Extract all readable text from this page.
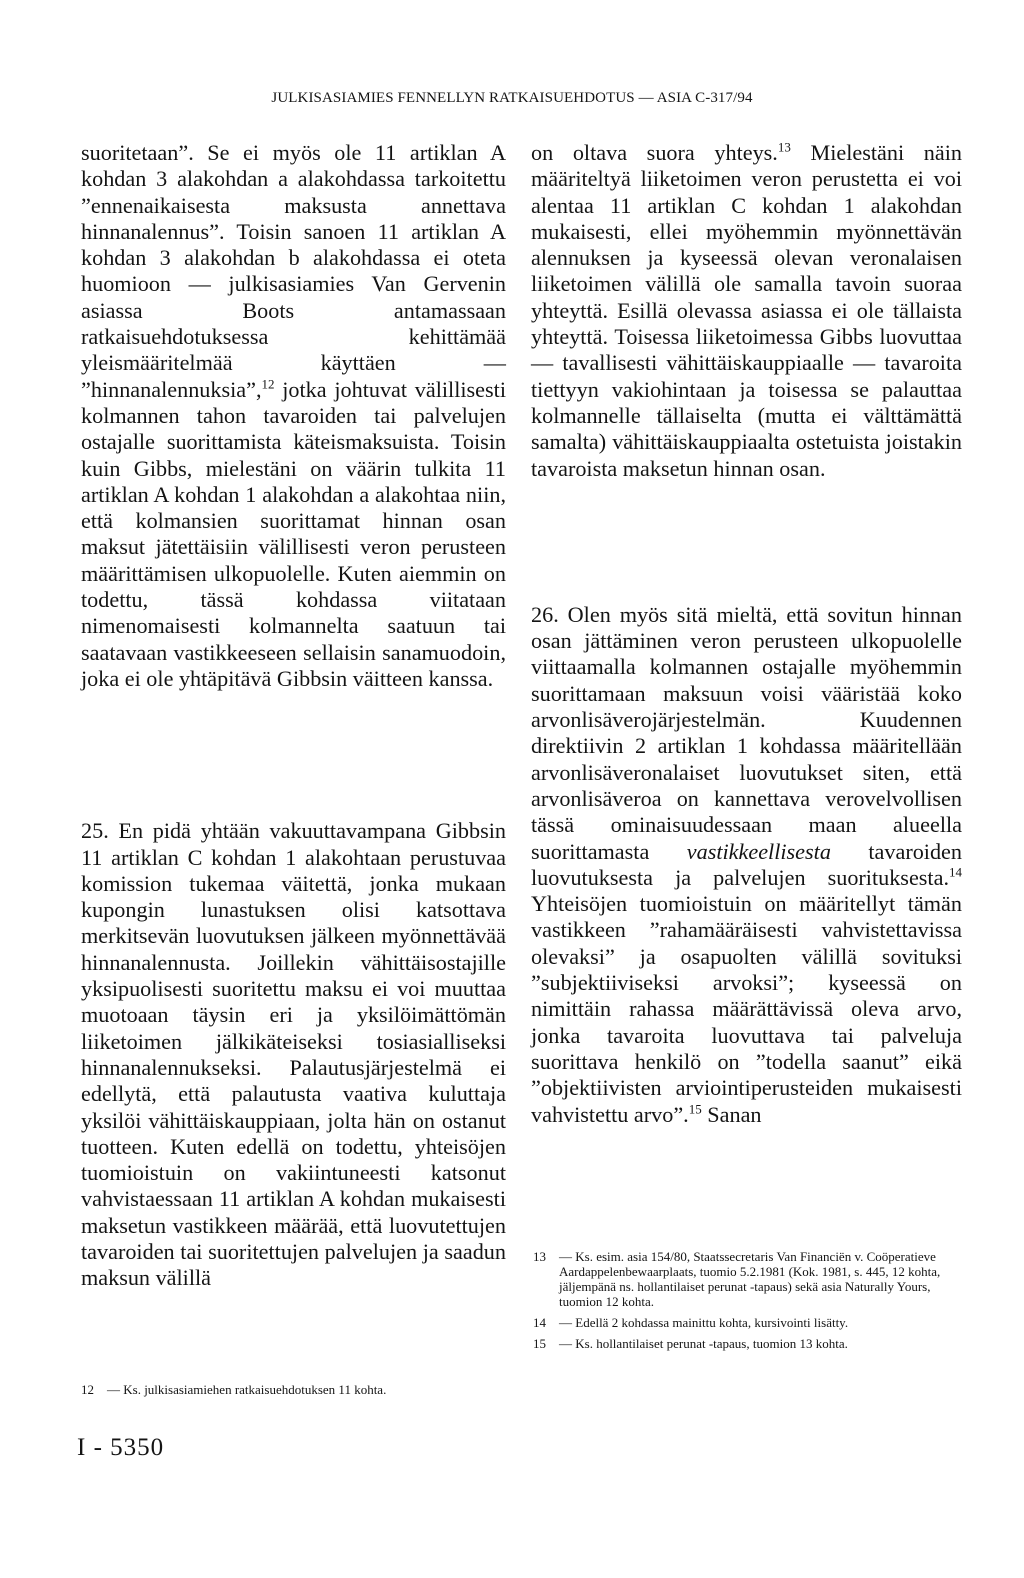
JULKISASIAMIES FENNELLYN RATKAISUEHDOTUS — ASIA C-317/94

suoritetaan”. Se ei myös ole 11 artiklan A kohdan 3 alakohdan a alakohdassa tarkoitettu ”ennenaikaisesta maksusta annettava hinnanalennus”. Toisin sanoen 11 artiklan A kohdan 3 alakohdan b alakohdassa ei oteta huomioon — julkisasiamies Van Gervenin asiassa Boots antamassaan ratkaisuehdotuksessa kehittämää yleismääritelmää käyttäen — ”hinnanalennuksia”,$^{12}$ jotka johtuvat välillisesti kolmannen tahon tavaroiden tai palvelujen ostajalle suorittamista käteismaksuista. Toisin kuin Gibbs, mielestäni on väärin tulkita 11 artiklan A kohdan 1 alakohdan a alakohtaa niin, että kolmansien suorittamat hinnan osan maksut jätettäisiin välillisesti veron perusteen määrittämisen ulkopuolelle. Kuten aiemmin on todettu, tässä kohdassa viitataan nimenomaisesti kolmannelta saatuun tai saatavaan vastikkeeseen sellaisin sanamuodoin, joka ei ole yhtäpitävä Gibbsin väitteen kanssa.

25. En pidä yhtään vakuuttavampana Gibbsin 11 artiklan C kohdan 1 alakohtaan perustuvaa komission tukemaa väitettä, jonka mukaan kupongin lunastuksen olisi katsottava merkitsevän luovutuksen jälkeen myönnettävää hinnanalennusta. Joillekin vähittäisostajille yksipuolisesti suoritettu maksu ei voi muuttaa muotoaan täysin eri ja yksilöimättömän liiketoimen jälkikäteiseksi tosiasialliseksi hinnanalennukseksi. Palautusjärjestelmä ei edellytä, että palautusta vaativa kuluttaja yksilöi vähittäiskauppiaan, jolta hän on ostanut tuotteen. Kuten edellä on todettu, yhteisöjen tuomioistuin on vakiintuneesti katsonut vahvistaessaan 11 artiklan A kohdan mukaisesti maksetun vastikkeen määrää, että luovutettujen tavaroiden tai suoritettujen palvelujen ja saadun maksun välillä

on oltava suora yhteys.$^{13}$ Mielestäni näin määriteltyä liiketoimen veron perustetta ei voi alentaa 11 artiklan C kohdan 1 alakohdan mukaisesti, ellei myöhemmin myönnettävän alennuksen ja kyseessä olevan veronalaisen liiketoimen välillä ole samalla tavoin suoraa yhteyttä. Esillä olevassa asiassa ei ole tällaista yhteyttä. Toisessa liiketoimessa Gibbs luovuttaa — tavallisesti vähittäiskauppiaalle — tavaroita tiettyyn vakiohintaan ja toisessa se palauttaa kolmannelle tällaiselta (mutta ei välttämättä samalta) vähittäiskauppiaalta ostetuista joistakin tavaroista maksetun hinnan osan.

26. Olen myös sitä mieltä, että sovitun hinnan osan jättäminen veron perusteen ulkopuolelle viittaamalla kolmannen ostajalle myöhemmin suorittamaan maksuun voisi vääristää koko arvonlisäverojärjestelmän. Kuudennen direktiivin 2 artiklan 1 kohdassa määritellään arvonlisäveronalaiset luovutukset siten, että arvonlisäveroa on kannettava verovelvollisen tässä ominaisuudessaan maan alueella suorittamasta vastikkeellisesta tavaroiden luovutuksesta ja palvelujen suorituksesta.$^{14}$ Yhteisöjen tuomioistuin on määritellyt tämän vastikkeen ”rahamääräisesti vahvistettavissa olevaksi” ja osapuolten välillä sovituksi ”subjektiiviseksi arvoksi”; kyseessä on nimittäin rahassa määrättävissä oleva arvo, jonka tavaroita luovuttava tai palveluja suorittava henkilö on ”todella saanut” eikä ”objektiivisten arviointiperusteiden mukaisesti vahvistettu arvo”.$^{15}$ Sanan

12	— Ks. julkisasiamiehen ratkaisuehdotuksen 11 kohta.
13	— Ks. esim. asia 154/80, Staatssecretaris Van Financiën v. Coöperatieve Aardappelenbewaarplaats, tuomio 5.2.1981 (Kok. 1981, s. 445, 12 kohta, jäljempänä ns. hollantilaiset perunat -tapaus) sekä asia Naturally Yours, tuomion 12 kohta.
14	— Edellä 2 kohdassa mainittu kohta, kursivointi lisätty.
15	— Ks. hollantilaiset perunat -tapaus, tuomion 13 kohta.
I - 5350
